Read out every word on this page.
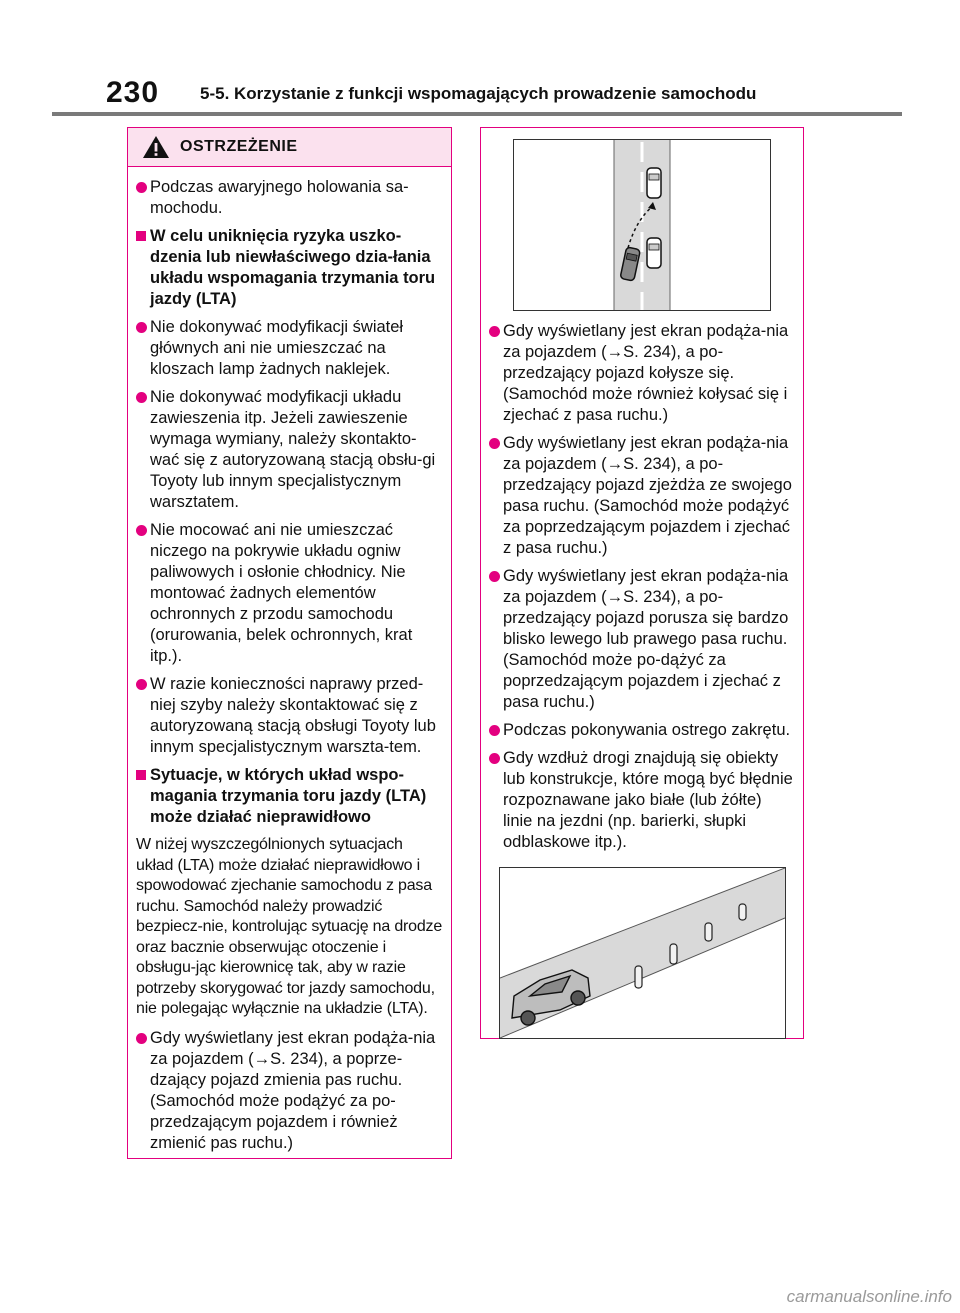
230 5-5. Korzystanie z funkcji wspomagających prowadzenie samochodu
OSTRZEŻENIE
Podczas awaryjnego holowania sa-mochodu.
W celu uniknięcia ryzyka uszko-dzenia lub niewłaściwego dzia-łania układu wspomagania trzymania toru jazdy (LTA)
Nie dokonywać modyfikacji świateł głównych ani nie umieszczać na kloszach lamp żadnych naklejek.
Nie dokonywać modyfikacji układu zawieszenia itp. Jeżeli zawieszenie wymaga wymiany, należy skontakto-wać się z autoryzowaną stacją obsłu-gi Toyoty lub innym specjalistycznym warsztatem.
Nie mocować ani nie umieszczać niczego na pokrywie układu ogniw paliwowych i osłonie chłodnicy. Nie montować żadnych elementów ochronnych z przodu samochodu (orurowania, belek ochronnych, krat itp.).
W razie konieczności naprawy przed-niej szyby należy skontaktować się z autoryzowaną stacją obsługi Toyoty lub innym specjalistycznym warszta-tem.
Sytuacje, w których układ wspo-magania trzymania toru jazdy (LTA) może działać nieprawidłowo
W niżej wyszczególnionych sytuacjach układ (LTA) może działać nieprawidłowo i spowodować zjechanie samochodu z pasa ruchu. Samochód należy prowadzić bezpiecz-nie, kontrolując sytuację na drodze oraz bacznie obserwując otoczenie i obsługu-jąc kierownicę tak, aby w razie potrzeby skorygować tor jazdy samochodu, nie polegając wyłącznie na układzie (LTA).
Gdy wyświetlany jest ekran podąża-nia za pojazdem (→S. 234), a poprze-dzający pojazd zmienia pas ruchu. (Samochód może podążyć za po-przedzającym pojazdem i również zmienić pas ruchu.)
Gdy wyświetlany jest ekran podąża-nia za pojazdem (→S. 234), a po-przedzający pojazd kołysze się. (Samochód może również kołysać się i zjechać z pasa ruchu.)
Gdy wyświetlany jest ekran podąża-nia za pojazdem (→S. 234), a po-przedzający pojazd zjeżdża ze swojego pasa ruchu. (Samochód może podążyć za poprzedzającym pojazdem i zjechać z pasa ruchu.)
Gdy wyświetlany jest ekran podąża-nia za pojazdem (→S. 234), a po-przedzający pojazd porusza się bardzo blisko lewego lub prawego pasa ruchu. (Samochód może po-dążyć za poprzedzającym pojazdem i zjechać z pasa ruchu.)
Podczas pokonywania ostrego zakrętu.
Gdy wzdłuż drogi znajdują się obiekty lub konstrukcje, które mogą być błędnie rozpoznawane jako białe (lub żółte) linie na jezdni (np. barierki, słupki odblaskowe itp.).
carmanualsonline.info
